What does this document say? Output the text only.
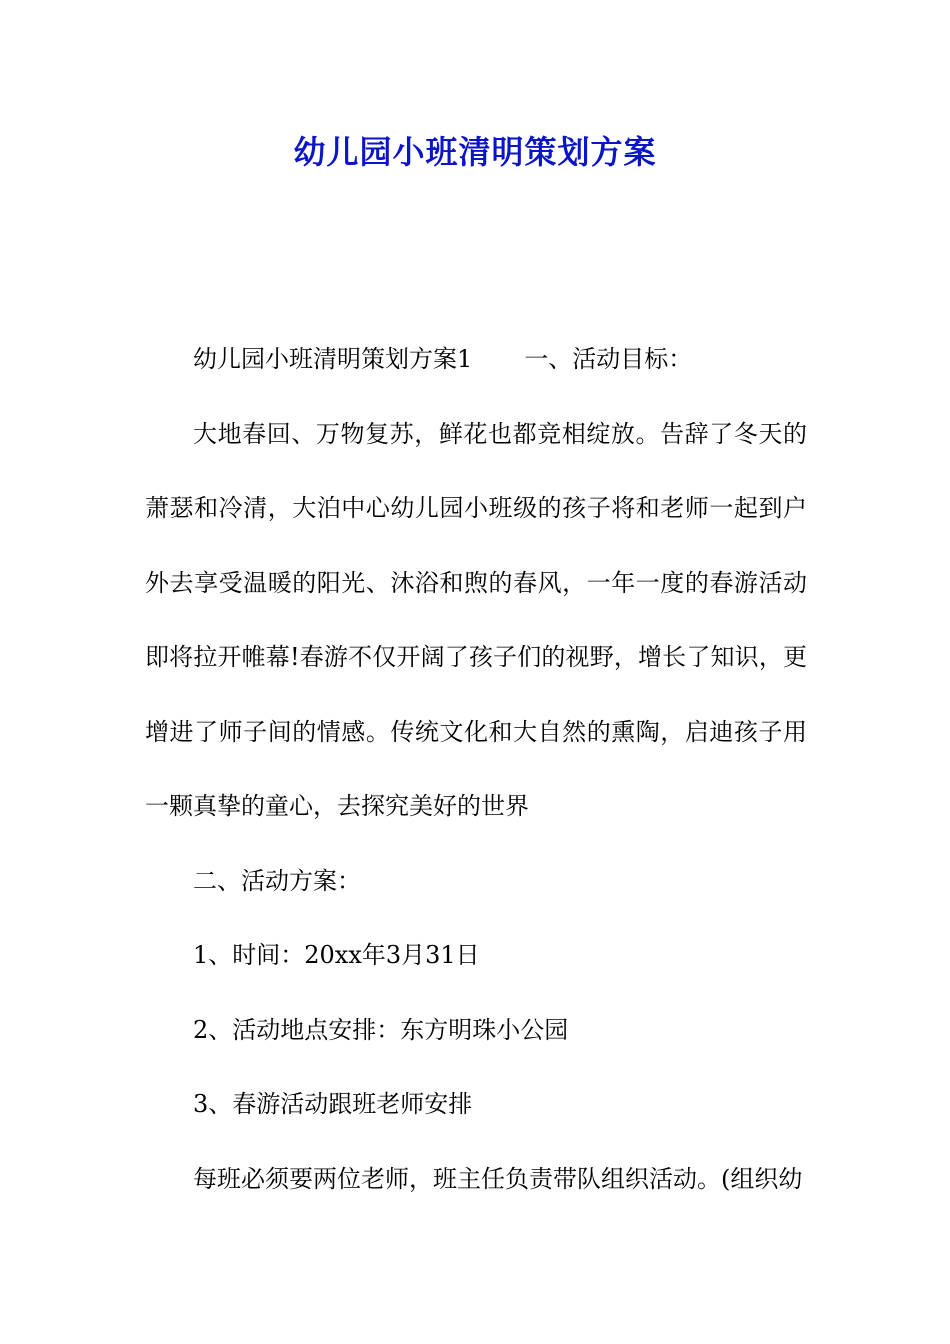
幼儿园小班清明策划方案

幼儿园小班清明策划方案1 一、活动目标：

大地春回、万物复苏，鲜花也都竞相绽放。告辞了冬天的萧瑟和冷清，大泊中心幼儿园小班级的孩子将和老师一起到户外去享受温暖的阳光、沐浴和煦的春风，一年一度的春游活动即将拉开帷幕!春游不仅开阔了孩子们的视野，增长了知识，更增进了师子间的情感。传统文化和大自然的熏陶，启迪孩子用一颗真挚的童心，去探究美好的世界

二、活动方案：

1、时间：20xx年3月31日

2、活动地点安排：东方明珠小公园

3、春游活动跟班老师安排

每班必须要两位老师，班主任负责带队组织活动。(组织幼
